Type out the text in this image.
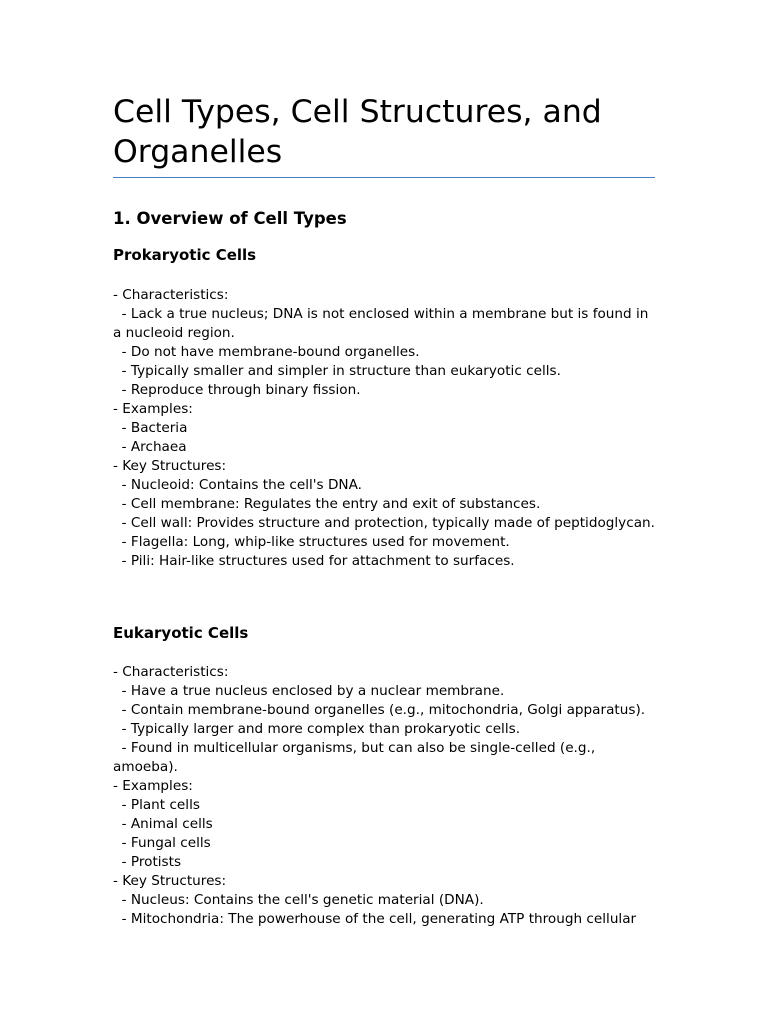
Cell Types, Cell Structures, and Organelles
1. Overview of Cell Types
Prokaryotic Cells

- Characteristics:
- Lack a true nucleus; DNA is not enclosed within a membrane but is found in a nucleoid region.
- Do not have membrane-bound organelles.
- Typically smaller and simpler in structure than eukaryotic cells.
- Reproduce through binary fission.
- Examples:
- Bacteria
- Archaea
- Key Structures:
- Nucleoid: Contains the cell's DNA.
- Cell membrane: Regulates the entry and exit of substances.
- Cell wall: Provides structure and protection, typically made of peptidoglycan.
- Flagella: Long, whip-like structures used for movement.
- Pili: Hair-like structures used for attachment to surfaces.

Eukaryotic Cells

- Characteristics:
- Have a true nucleus enclosed by a nuclear membrane.
- Contain membrane-bound organelles (e.g., mitochondria, Golgi apparatus).
- Typically larger and more complex than prokaryotic cells.
- Found in multicellular organisms, but can also be single-celled (e.g., amoeba).
- Examples:
- Plant cells
- Animal cells
- Fungal cells
- Protists
- Key Structures:
- Nucleus: Contains the cell's genetic material (DNA).
- Mitochondria: The powerhouse of the cell, generating ATP through cellular
